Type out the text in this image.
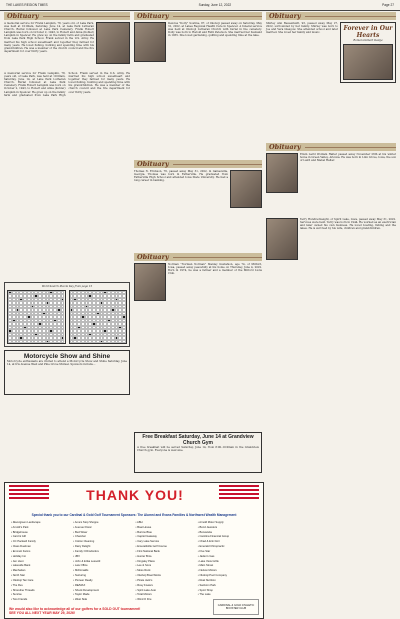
THE LAKES REGION TIMES	Sunday, June 12, 2022	Page 27
Obituary
A memorial service for Frank Lampkin, 78, years old, of Lake Park, was held at 10:00am, Saturday, June 14, at Lake Park Lutheran Church. Burial followed at Lake Park Cemetery. Frank Robert Lampkin was born on October 2, 1943, to Robert and Alma (Kohler) Lampkin in Spencer. He grew up on the family farm and graduated from Lake Park High School. Frank served in the U.S. Army. He married his high school sweetheart and together they farmed for many years. He loved fishing, hunting and spending time with his grandchildren. He was a member of the church council and the fire department for over thirty years.
A memorial service for Frank Lampkin, 78, years old, of Lake Park, was held at 10:00am, Saturday, June 14, at Lake Park Lutheran Church. Burial followed at Lake Park Cemetery. Frank Robert Lampkin was born on October 2, 1943, to Robert and Alma (Kohler) Lampkin in Spencer. He grew up on the family farm and graduated from Lake Park High School. Frank served in the U.S. Army. He married his high school sweetheart and together they farmed for many years. He loved fishing, hunting and spending time with his grandchildren. He was a member of the church council and the fire department for over thirty years.
Word Search Puzzle Key from page 15
Motorcycle Show and Shine
Motorcycle enthusiasts are invited to attend a Motorcycle Show and Shine Saturday, June 14, at Iris Avenue West and Pine Grove Mutual. Sponsors include...
Obituary
Delores "Dolly" Soutine, 87, of Okoboji passed away on Saturday, May 31, 2022, at Lakes Regional Health Care in Spencer. A funeral service was held at Okoboji Lutheran Church with burial in the cemetery. Dolly was born to Harold and Ruth Peterson. She married her husband in 1955. She loved gardening, quilting and spending time at the lake.
Obituary
Thomas N. Erickson, 76, passed away May 31, 2022, in Gainesville, Georgia. Thomas was born in Estherville. He graduated from Estherville High School and attended Iowa State University. He had a long career in banking.
Obituary
Norman "Norman Norman" Stanley Gustafson, age 74, of Milford, Iowa, passed away peacefully at his home on Thursday, June 4, 2022. Born in 1974, he was a farmer and a member of the Milford Lions Club.
Obituary
Shirley Ann Bessenfeldt, 93, passed away May 27, 2022, surrounded by her family. Shirley was born to Joe and Vera Glasgow. She attended school and later married. She loved her family and music.
Forever in Our Hearts
Roman Delbert Dedge
Obituary
Elwin Laird Woldam Halter passed away November 26th at his winter home in Green Valley, Arizona. He was born in Linn Grove, Iowa, the son of Laird and Mabel Halter.
Terry Hundredweight, of Spirit Lake, Iowa, passed away May 31, 2022. Services were held. Terry was born in 1944. He worked as an electrician and later owned his own business. He loved boating, fishing and the lakes. He is survived by his wife, children and grandchildren.
Free Breakfast Saturday, June 14 at Grandview Church Gym
A free breakfast will be served Saturday, June 14, from 8:00–10:00am in the Grandview Church gym. Everyone is welcome.
THANK YOU!
Special thank you to our Cardinal & Gold Golf Tournament Sponsors: The Alumni and Evans Families & Northwest Wealth Management
• 4Evergreen Landscape	• Ama's Stop Shoppe	• ABH	• Arnold Motor Supply
• Arnold's Park	• Avenue Floral	• Boat House	• Bond Jewelers
• Bridgehouse	• Bud Wiser	• Burrow Blue	• Bonavisita
• Card & Gift	• Chamber	• Capitol Gateway	• Carolina Financial Group
• CC Packard Family	• Cotton Cleaning	• Cary Lake Service	• Chad & Erin Dorr
• Class Duelman	• Dairy Delight	• Emeraldville Golf Course	• Emerald Chiropractic
• Emmett Farms	• Family Orthodontics	• First National Bank	• Five Star
• Holiday Inn	• JBV	• Hunter Bros.	• Jaden's Gas
• Jen Huot	• John & Erika Lessold	• Kingsley Place	• Lake View Grille
• Lakeside Bank	• Law Office	• Lee & Sons	• Main Street
• Manhattan	• McDonalds	• Moss Rock	• Nelson Motors
• North Star	• Nurturing	• Okoboji Boat Works	• Okoboji Pool Company
• Okoboji Tan Care	• Pioneer Realty	• Pirate Jack's	• Real Nutrition
• The Rex	• RE/MAX	• Rosy Fowers	• Sanborn Park
• Shoreline Threads	• Shuck Development	• Spirit Lake Auto	• Sport Shop
• Sunrise	• Taylor Made	• Total Motors	• The Lake
• Two Friends	• West Side	• Wind O Fire
We would also like to acknowledge all of our golfers for a SOLD OUT tournament!
SEE YOU ALL NEXT YEAR MAY 29, 2026!
CARDINAL & GOLD ATHLETIC BOOSTER CLUB
